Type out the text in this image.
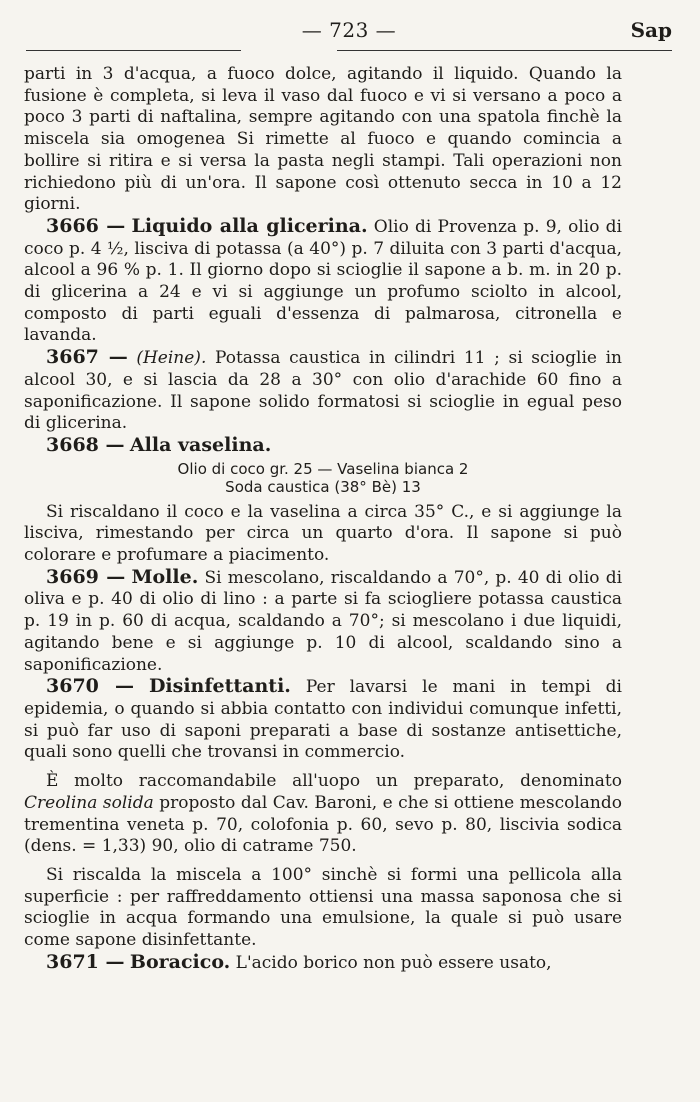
— 723 —	Sap

parti in 3 d'acqua, a fuoco dolce, agitando il liquido. Quando la fusione è completa, si leva il vaso dal fuoco e vi si versano a poco a poco 3 parti di naftalina, sempre agitando con una spatola finchè la miscela sia omogenea Si rimette al fuoco e quando comincia a bollire si ritira e si versa la pasta negli stampi. Tali operazioni non richiedono più di un'ora. Il sapone così ottenuto secca in 10 a 12 giorni.

3666 — Liquido alla glicerina. Olio di Provenza p. 9, olio di coco p. 4 ½, lisciva di potassa (a 40°) p. 7 diluita con 3 parti d'acqua, alcool a 96 % p. 1. Il giorno dopo si scioglie il sapone a b. m. in 20 p. di glicerina a 24 e vi si aggiunge un profumo sciolto in alcool, composto di parti eguali d'essenza di palmarosa, citronella e lavanda.

3667 — (Heine). Potassa caustica in cilindri 11 ; si scioglie in alcool 30, e si lascia da 28 a 30° con olio d'arachide 60 fino a saponificazione. Il sapone solido formatosi si scioglie in egual peso di glicerina.

3668 — Alla vaselina.

Olio di coco gr. 25 — Vaselina bianca 2
Soda caustica (38° Bè) 13

Si riscaldano il coco e la vaselina a circa 35° C., e si aggiunge la lisciva, rimestando per circa un quarto d'ora. Il sapone si può colorare e profumare a piacimento.

3669 — Molle. Si mescolano, riscaldando a 70°, p. 40 di olio di oliva e p. 40 di olio di lino : a parte si fa sciogliere potassa caustica p. 19 in p. 60 di acqua, scaldando a 70°; si mescolano i due liquidi, agitando bene e si aggiunge p. 10 di alcool, scaldando sino a saponificazione.

3670 — Disinfettanti. Per lavarsi le mani in tempi di epidemia, o quando si abbia contatto con individui comunque infetti, si può far uso di saponi preparati a base di sostanze antisettiche, quali sono quelli che trovansi in commercio.

È molto raccomandabile all'uopo un preparato, denominato Creolina solida proposto dal Cav. Baroni, e che si ottiene mescolando trementina veneta p. 70, colofonia p. 60, sevo p. 80, liscivia sodica (dens. = 1,33) 90, olio di catrame 750.

Si riscalda la miscela a 100° sinchè si formi una pellicola alla superficie : per raffreddamento ottiensi una massa saponosa che si scioglie in acqua formando una emulsione, la quale si può usare come sapone disinfettante.

3671 — Boracico. L'acido borico non può essere usato,
